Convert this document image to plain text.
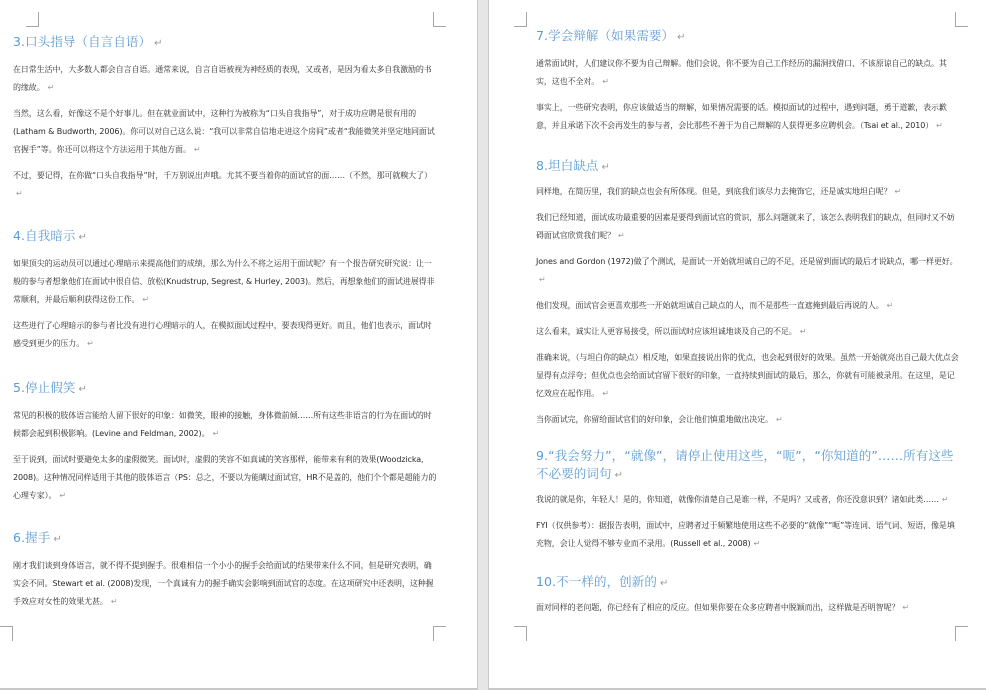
3.口头指导（自言自语） ↵

在日常生活中，大多数人都会自言自语。通常来说，自言自语被视为神经质的表现，又或者，是因为看太多自我激励的书的缘故。 ↵

当然，这么看，好像这不是个好事儿。但在就业面试中，这种行为被称为“口头自我指导”，对于成功应聘是很有用的(Latham & Budworth, 2006)。你可以对自己这么说：“我可以非常自信地走进这个房间”或者“我能微笑并坚定地同面试官握手”等。你还可以将这个方法运用于其他方面。 ↵

不过，要记得，在你做“口头自我指导”时，千万别说出声哦。尤其不要当着你的面试官的面……（不然，那可就糗大了）↵

4.自我暗示 ↵

如果顶尖的运动员可以通过心理暗示来提高他们的成绩，那么为什么不将之运用于面试呢？有一个报告研究研究说：让一般的参与者想象他们在面试中很自信、放松(Knudstrup, Segrest, & Hurley, 2003)。然后，再想象他们的面试进展得非常顺利，并最后顺利获得这份工作。 ↵

这些进行了心理暗示的参与者比没有进行心理暗示的人，在模拟面试过程中，要表现得更好。而且，他们也表示，面试时感受到更少的压力。 ↵

5.停止假笑 ↵

常见的积极的肢体语言能给人留下很好的印象：如微笑，眼神的接触，身体微前倾……所有这些非语言的行为在面试的时候都会起到积极影响。(Levine and Feldman, 2002)。 ↵

至于说到，面试时要避免太多的虚假微笑。面试时，虚假的笑容不如真诚的笑容那样，能带来有利的效果(Woodzicka, 2008)。这种情况同样适用于其他的肢体语言（PS：总之，不要以为能瞒过面试官，HR不是盖的，他们个个都是超能力的心理专家）。 ↵

6.握手 ↵

刚才我们谈到身体语言，就不得不提到握手。很难相信一个小小的握手会给面试的结果带来什么不同，但是研究表明，确实会不同。Stewart et al. (2008)发现，一个真诚有力的握手确实会影响到面试官的态度。在这项研究中还表明，这种握手效应对女性的效果尤甚。 ↵

7.学会辩解（如果需要） ↵

通常面试时，人们建议你不要为自己辩解。他们会说，你不要为自己工作经历的漏洞找借口、不该原谅自己的缺点。其实，这也不全对。 ↵

事实上，一些研究表明，你应该做适当的辩解，如果情况需要的话。模拟面试的过程中，遇到问题，勇于道歉，表示歉意，并且承诺下次不会再发生的参与者，会比那些不善于为自己辩解的人获得更多应聘机会。（Tsai et al., 2010） ↵

8.坦白缺点 ↵

同样地，在简历里，我们的缺点也会有所体现。但是，到底我们该尽力去掩饰它，还是诚实地坦白呢？ ↵

我们已经知道，面试成功最重要的因素是要得到面试官的赏识，那么问题就来了，该怎么表明我们的缺点，但同时又不妨碍面试官欣赏我们呢？ ↵

Jones and Gordon (1972)做了个测试，是面试一开始就坦诚自己的不足，还是留到面试的最后才说缺点，哪一样更好。↵

他们发现，面试官会更喜欢那些一开始就坦诚自己缺点的人，而不是那些一直遮掩到最后再说的人。 ↵

这么看来，诚实让人更容易接受，所以面试时应该坦诚地谈及自己的不足。 ↵

准确来说，（与坦白你的缺点）相反地，如果直接说出你的优点，也会起到很好的效果。虽然一开始就亮出自己最大优点会显得有点浮夸；但优点也会给面试官留下很好的印象，一直持续到面试的最后，那么，你就有可能被录用。在这里，是记忆效应在起作用。 ↵

当你面试完，你留给面试官们的好印象，会让他们慎重地做出决定。 ↵

9.“我会努力”，“就像”，请停止使用这些，“呃”，“你知道的”……所有这些不必要的词句 ↵

我说的就是你，年轻人！是的，你知道，就像你清楚自己是谁一样，不是吗？又或者，你还没意识到？诸如此类…… ↵

FYI（仅供参考）：据报告表明，面试中，应聘者过于频繁地使用这些不必要的“就像”“呃”等连词、语气词、短语，像是填充物，会让人觉得不够专业而不录用。(Russell et al., 2008) ↵

10.不一样的，创新的 ↵

面对同样的老问题，你已经有了相应的反应。但如果你要在众多应聘者中脱颖而出，这样做是否明智呢？ ↵
